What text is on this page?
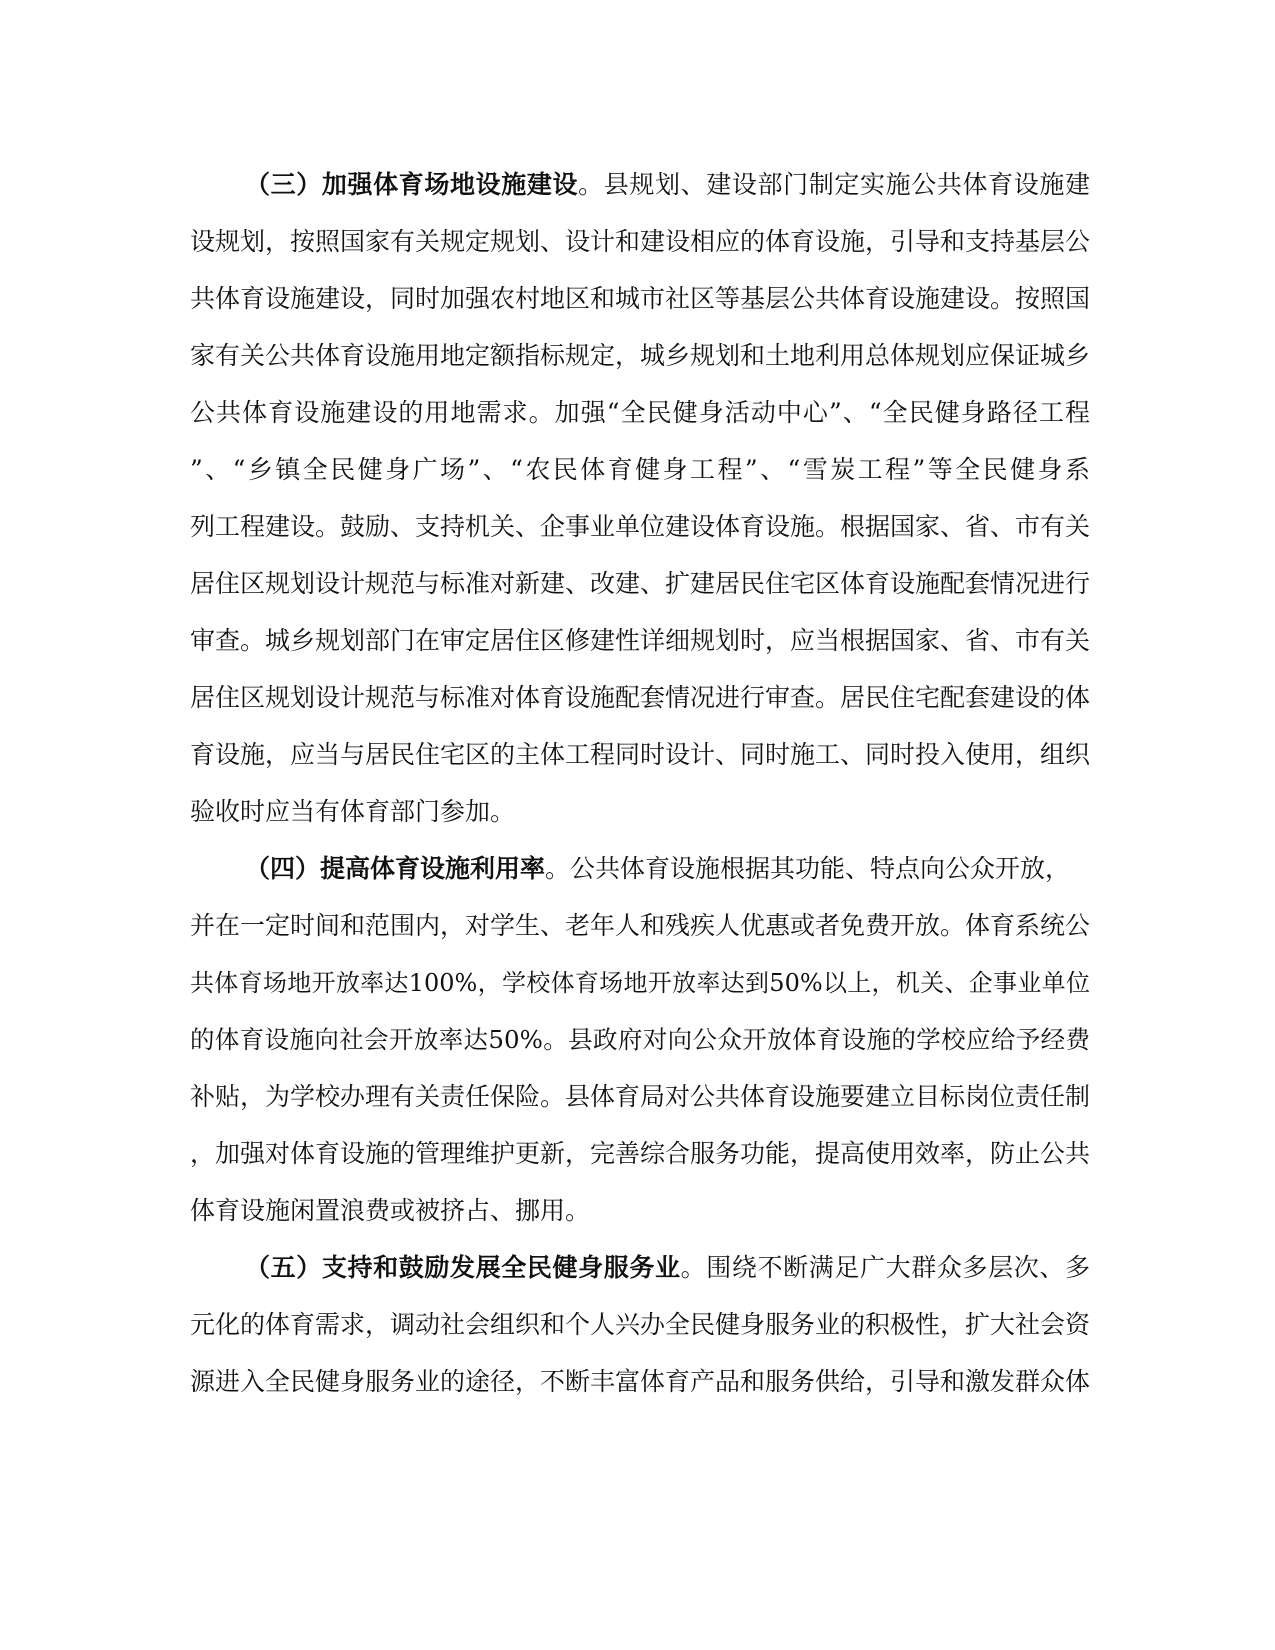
（三）加强体育场地设施建设。县规划、建设部门制定实施公共体育设施建
设规划，按照国家有关规定规划、设计和建设相应的体育设施，引导和支持基层公
共体育设施建设，同时加强农村地区和城市社区等基层公共体育设施建设。按照国
家有关公共体育设施用地定额指标规定，城乡规划和土地利用总体规划应保证城乡
公共体育设施建设的用地需求。加强“全民健身活动中心”、“全民健身路径工程
”、“乡镇全民健身广场”、“农民体育健身工程”、“雪炭工程”等全民健身系
列工程建设。鼓励、支持机关、企事业单位建设体育设施。根据国家、省、市有关
居住区规划设计规范与标准对新建、改建、扩建居民住宅区体育设施配套情况进行
审查。城乡规划部门在审定居住区修建性详细规划时，应当根据国家、省、市有关
居住区规划设计规范与标准对体育设施配套情况进行审查。居民住宅配套建设的体
育设施，应当与居民住宅区的主体工程同时设计、同时施工、同时投入使用，组织
验收时应当有体育部门参加。
（四）提高体育设施利用率。公共体育设施根据其功能、特点向公众开放，
并在一定时间和范围内，对学生、老年人和残疾人优惠或者免费开放。体育系统公
共体育场地开放率达100%，学校体育场地开放率达到50%以上，机关、企事业单位
的体育设施向社会开放率达50%。县政府对向公众开放体育设施的学校应给予经费
补贴，为学校办理有关责任保险。县体育局对公共体育设施要建立目标岗位责任制
，加强对体育设施的管理维护更新，完善综合服务功能，提高使用效率，防止公共
体育设施闲置浪费或被挤占、挪用。
（五）支持和鼓励发展全民健身服务业。围绕不断满足广大群众多层次、多
元化的体育需求，调动社会组织和个人兴办全民健身服务业的积极性，扩大社会资
源进入全民健身服务业的途径，不断丰富体育产品和服务供给，引导和激发群众体
